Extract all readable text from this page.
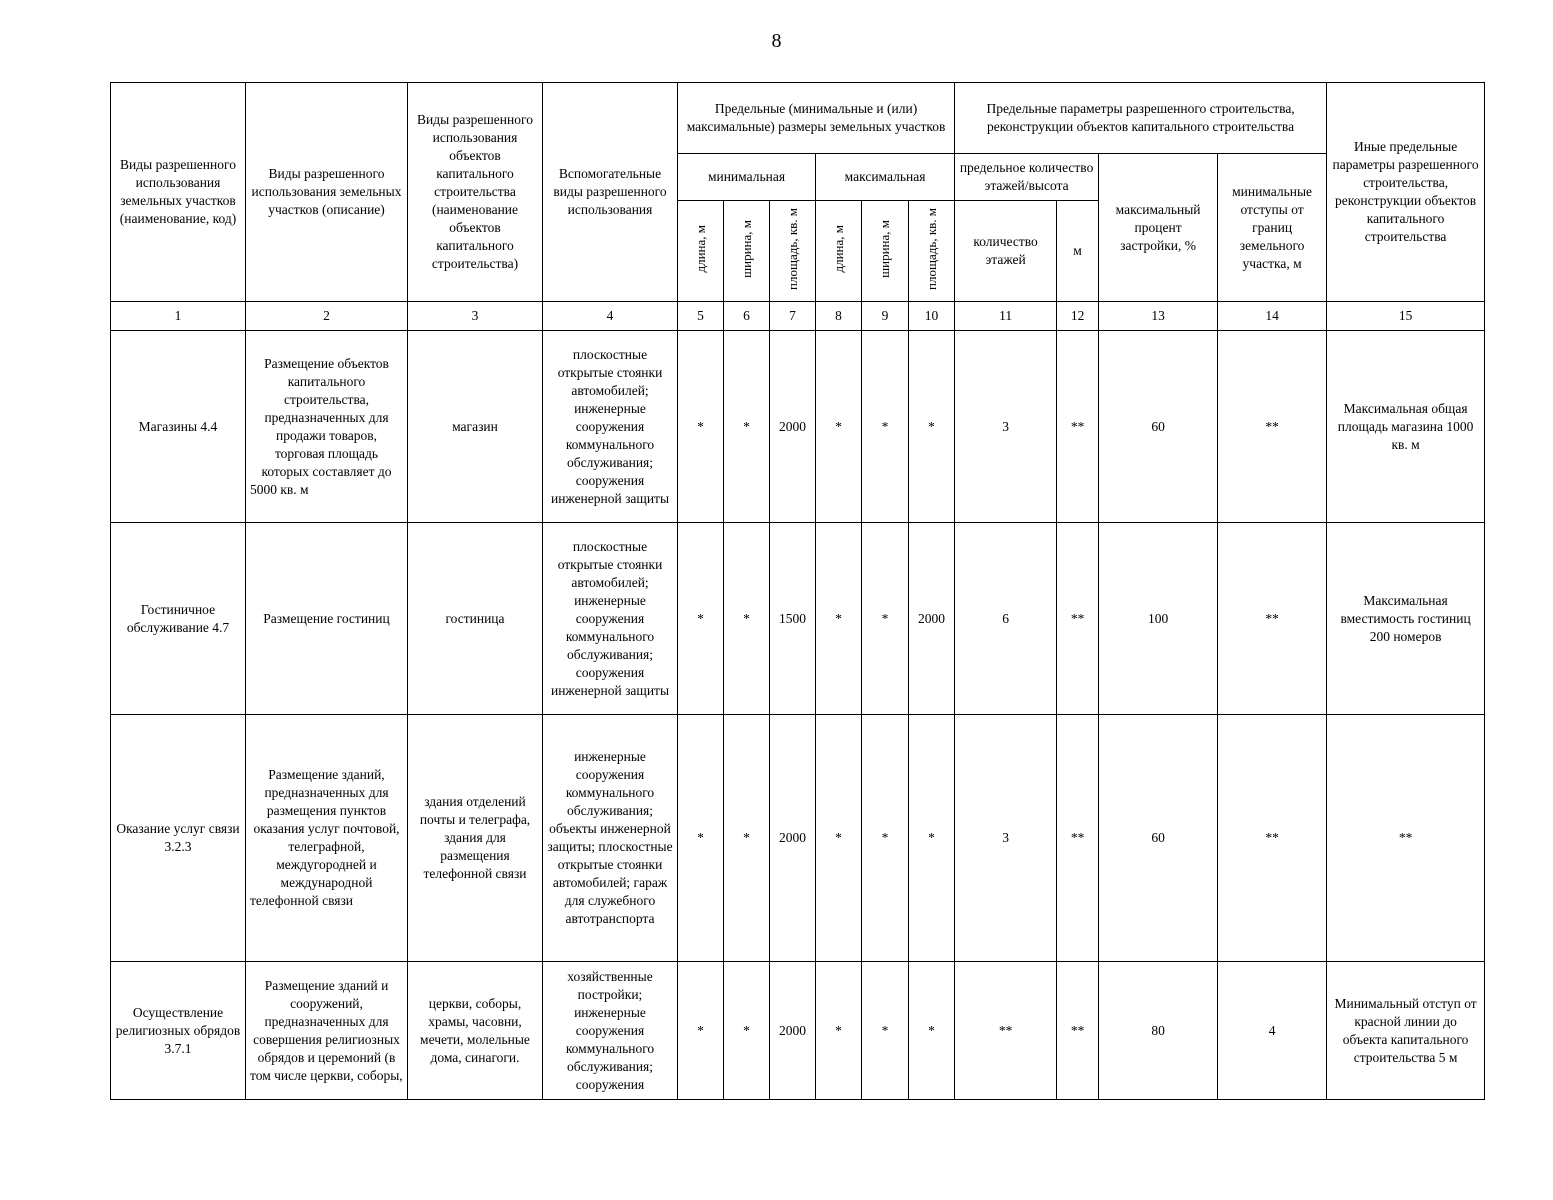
8
Виды разрешенного использования земельных участков (наименование, код)	Виды разрешенного использования земельных участков (описание)	Виды разрешенного использования объектов капитального строительства (наименование объектов капитального строительства)	Вспомогательные виды разрешенного использования	Предельные (минимальные и (или) максимальные) размеры земельных участков						Предельные параметры разрешенного строительства, реконструкции объектов капитального строительства				Иные предельные параметры разрешенного строительства, реконструкции объектов капитального строительства
				минимальная			максимальная			предельное количество этажей/высота		максимальный процент застройки, %	минимальные отступы от границ земельного участка, м	
				длина, м	ширина, м	площадь, кв. м	длина, м	ширина, м	площадь, кв. м	количество этажей	м			
1	2	3	4	5	6	7	8	9	10	11	12	13	14	15
Магазины 4.4	Размещение объектов капитального строительства, предназначенных для продажи товаров, торговая площадь которых составляет до 5000 кв. м	магазин	плоскостные открытые стоянки автомобилей; инженерные сооружения коммунального обслуживания; сооружения инженерной защиты	*	*	2000	*	*	*	3	**	60	**	Максимальная общая площадь магазина 1000 кв. м
Гостиничное обслуживание 4.7	Размещение гостиниц	гостиница	плоскостные открытые стоянки автомобилей; инженерные сооружения коммунального обслуживания; сооружения инженерной защиты	*	*	1500	*	*	2000	6	**	100	**	Максимальная вместимость гостиниц 200 номеров
Оказание услуг связи 3.2.3	Размещение зданий, предназначенных для размещения пунктов оказания услуг почтовой, телеграфной, междугородней и международной телефонной связи	здания отделений почты и телеграфа, здания для размещения телефонной связи	инженерные сооружения коммунального обслуживания; объекты инженерной защиты; плоскостные открытые стоянки автомобилей; гараж для служебного автотранспорта	*	*	2000	*	*	*	3	**	60	**	**
Осуществление религиозных обрядов 3.7.1	Размещение зданий и сооружений, предназначенных для совершения религиозных обрядов и церемоний (в том числе церкви, соборы,	церкви, соборы, храмы, часовни, мечети, молельные дома, синагоги.	хозяйственные постройки; инженерные сооружения коммунального обслуживания; сооружения	*	*	2000	*	*	*	**	**	80	4	Минимальный отступ от красной линии до объекта капитального строительства 5 м
